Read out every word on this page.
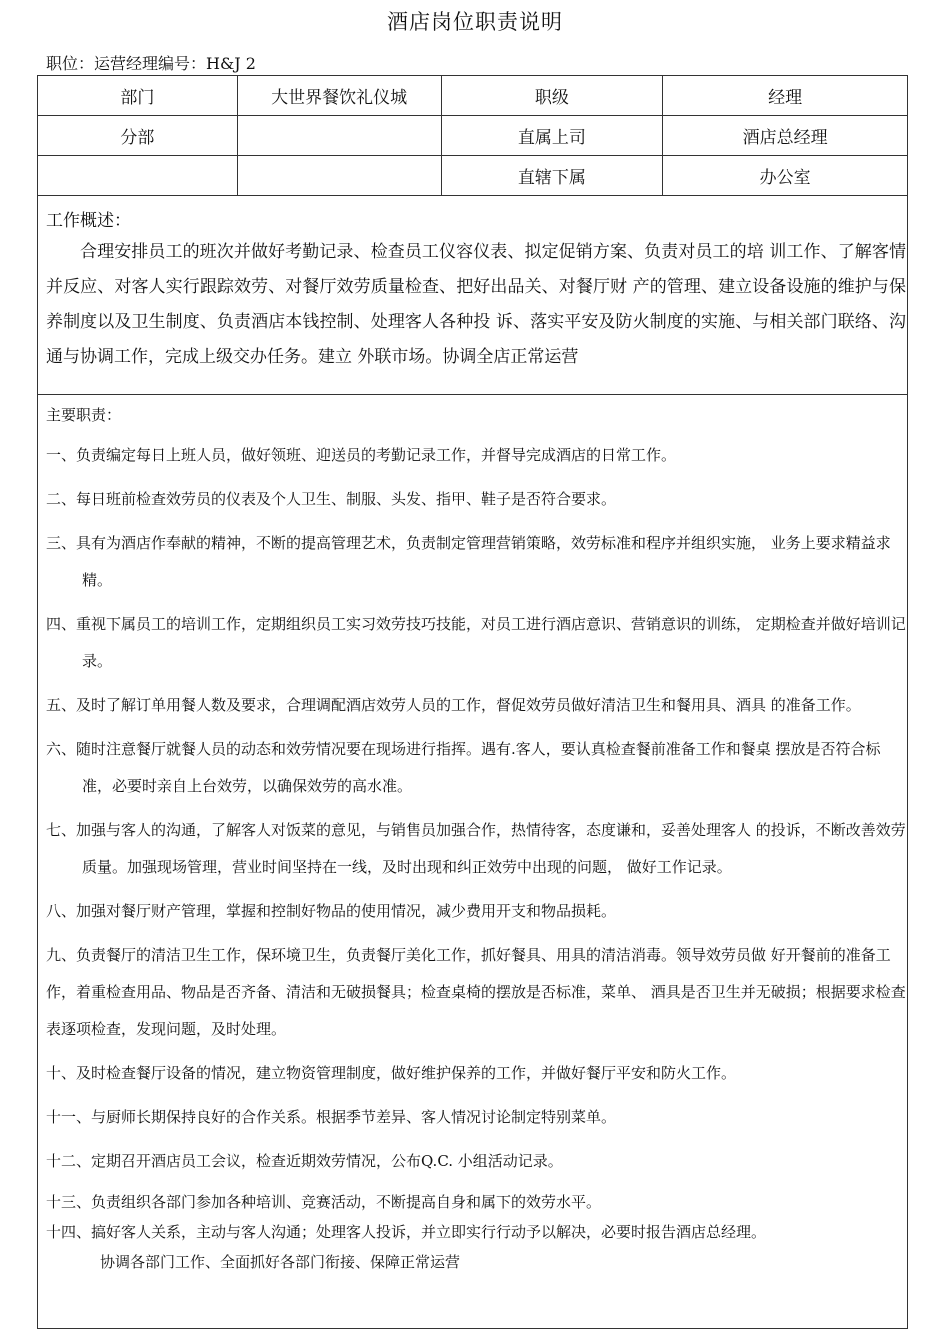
酒店岗位职责说明
职位：运营经理编号：H&J 2
部门	大世界餐饮礼仪城	职级	经理
分部		直属上司	酒店总经理
		直辖下属	办公室

工作概述：

合理安排员工的班次并做好考勤记录、检查员工仪容仪表、拟定促销方案、负责对员工的培 训工作、了解客情并反应、对客人实行跟踪效劳、对餐厅效劳质量检查、把好出品关、对餐厅财 产的管理、建立设备设施的维护与保养制度以及卫生制度、负责酒店本钱控制、处理客人各种投 诉、落实平安及防火制度的实施、与相关部门联络、沟通与协调工作，完成上级交办任务。建立 外联市场。协调全店正常运营

主要职责：

一、负责编定每日上班人员，做好领班、迎送员的考勤记录工作，并督导完成酒店的日常工作。

二、每日班前检查效劳员的仪表及个人卫生、制服、头发、指甲、鞋子是否符合要求。

三、具有为酒店作奉献的精神，不断的提高管理艺术，负责制定管理营销策略，效劳标准和程序并组织实施， 业务上要求精益求精。

四、重视下属员工的培训工作，定期组织员工实习效劳技巧技能，对员工进行酒店意识、营销意识的训练， 定期检查并做好培训记录。

五、及时了解订单用餐人数及要求，合理调配酒店效劳人员的工作，督促效劳员做好清洁卫生和餐用具、酒具 的准备工作。

六、随时注意餐厅就餐人员的动态和效劳情况要在现场进行指挥。遇有.客人，要认真检查餐前准备工作和餐桌 摆放是否符合标准，必要时亲自上台效劳，以确保效劳的高水准。

七、加强与客人的沟通，了解客人对饭菜的意见，与销售员加强合作，热情待客，态度谦和，妥善处理客人 的投诉，不断改善效劳质量。加强现场管理，营业时间坚持在一线，及时出现和纠正效劳中出现的问题， 做好工作记录。

八、加强对餐厅财产管理，掌握和控制好物品的使用情况，减少费用开支和物品损耗。

九、负责餐厅的清洁卫生工作，保环境卫生，负责餐厅美化工作，抓好餐具、用具的清洁消毒。领导效劳员做 好开餐前的准备工作，着重检查用品、物品是否齐备、清洁和无破损餐具；检查桌椅的摆放是否标准，菜单、 酒具是否卫生并无破损；根据要求检查表逐项检查，发现问题，及时处理。

十、及时检查餐厅设备的情况，建立物资管理制度，做好维护保养的工作，并做好餐厅平安和防火工作。

十一、与厨师长期保持良好的合作关系。根据季节差异、客人情况讨论制定特别菜单。

十二、定期召开酒店员工会议，检查近期效劳情况，公布Q.C. 小组活动记录。

十三、负责组织各部门参加各种培训、竞赛活动，不断提高自身和属下的效劳水平。

十四、搞好客人关系，主动与客人沟通；处理客人投诉，并立即实行行动予以解决，必要时报告酒店总经理。

协调各部门工作、全面抓好各部门衔接、保障正常运营
